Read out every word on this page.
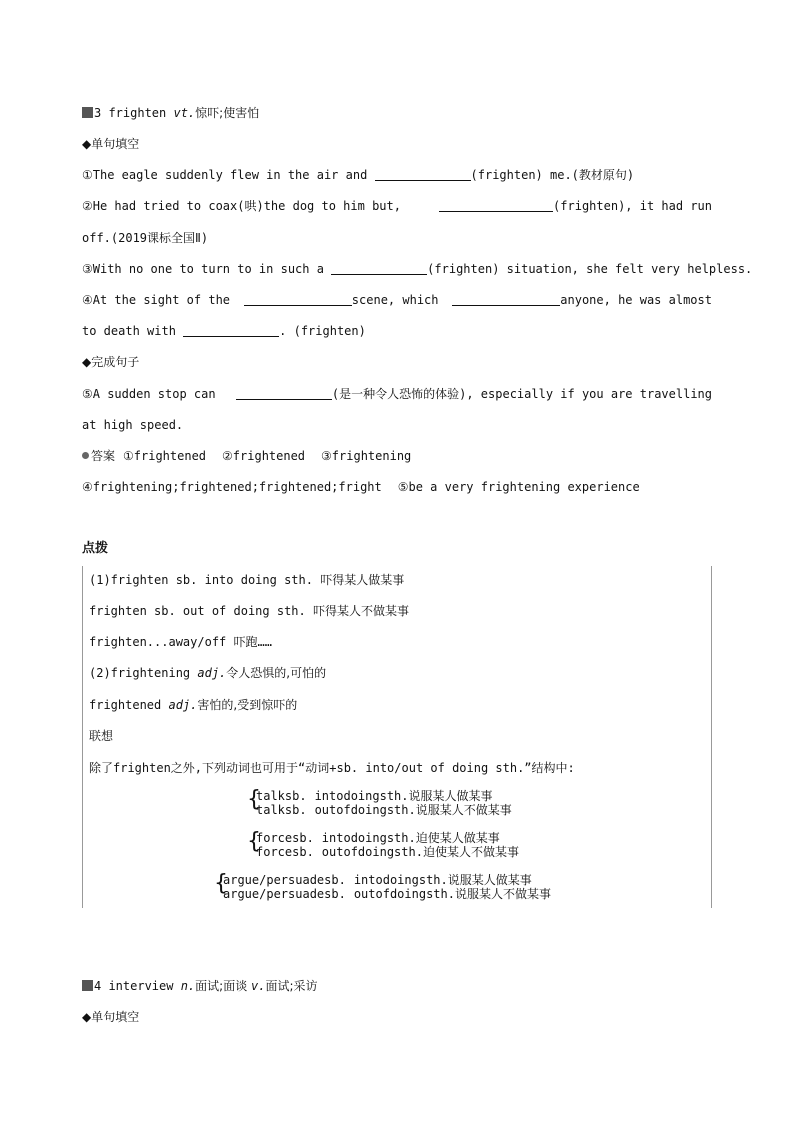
3 frighten vt.惊吓;使害怕
◆单句填空
①The eagle suddenly flew in the air and	(frighten) me.(教材原句)
②He had tried to coax(哄)the dog to him but,	(frighten), it had run
off.(2019课标全国Ⅱ)
③With no one to turn to in such a	(frighten) situation, she felt very helpless.
④At the sight of the	scene, which	anyone, he was almost
to death with	. (frighten)
◆完成句子
⑤A sudden stop can	(是一种令人恐怖的体验), especially if you are travelling
at high speed.
答案 ①frightened ②frightened ③frightening
④frightening;frightened;frightened;fright ⑤be a very frightening experience
点拨
(1)frighten sb. into doing sth. 吓得某人做某事
frighten sb. out of doing sth. 吓得某人不做某事
frighten...away/off 吓跑……
(2)frightening adj.令人恐惧的,可怕的
frightened adj.害怕的,受到惊吓的
联想
除了frighten之外,下列动词也可用于“动词+sb. into/out of doing sth.”结构中:
{
talksb. intodoingsth.说服某人做某事
talksb. outofdoingsth.说服某人不做某事
{
forcesb. intodoingsth.迫使某人做某事
forcesb. outofdoingsth.迫使某人不做某事
{
argue/persuadesb. intodoingsth.说服某人做某事
argue/persuadesb. outofdoingsth.说服某人不做某事
4 interview n.面试;面谈 v.面试;采访
◆单句填空
